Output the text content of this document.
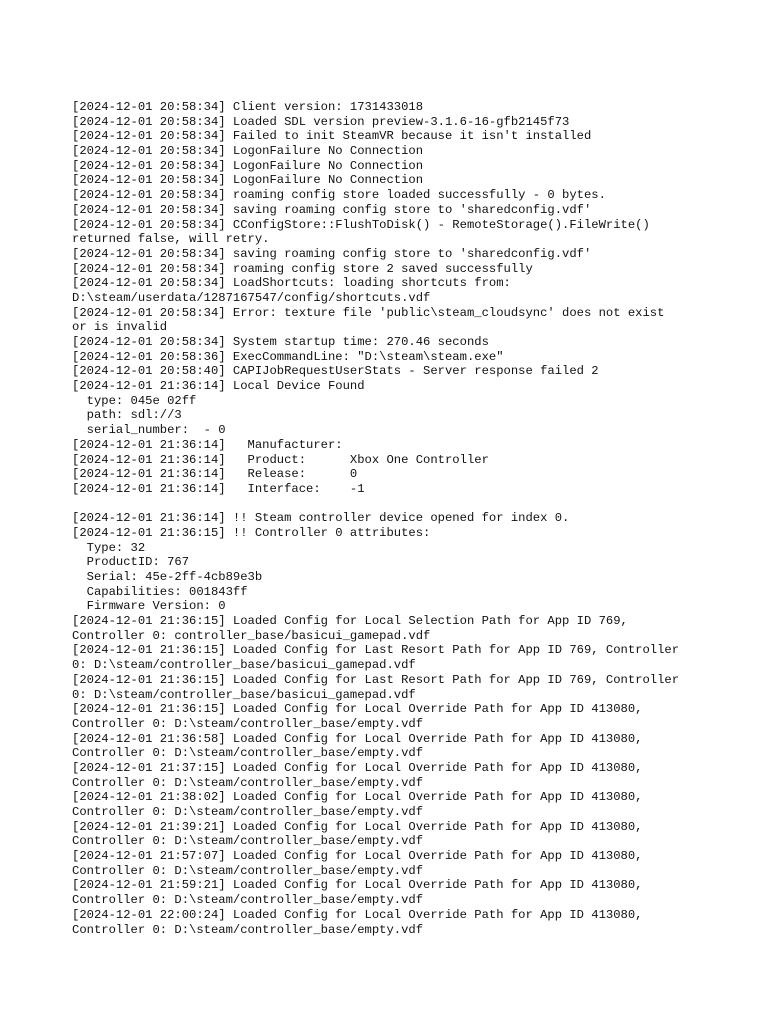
[2024-12-01 20:58:34] Client version: 1731433018
[2024-12-01 20:58:34] Loaded SDL version preview-3.1.6-16-gfb2145f73
[2024-12-01 20:58:34] Failed to init SteamVR because it isn't installed
[2024-12-01 20:58:34] LogonFailure No Connection
[2024-12-01 20:58:34] LogonFailure No Connection
[2024-12-01 20:58:34] LogonFailure No Connection
[2024-12-01 20:58:34] roaming config store loaded successfully - 0 bytes.
[2024-12-01 20:58:34] saving roaming config store to 'sharedconfig.vdf'
[2024-12-01 20:58:34] CConfigStore::FlushToDisk() - RemoteStorage().FileWrite()
returned false, will retry.
[2024-12-01 20:58:34] saving roaming config store to 'sharedconfig.vdf'
[2024-12-01 20:58:34] roaming config store 2 saved successfully
[2024-12-01 20:58:34] LoadShortcuts: loading shortcuts from:
D:\steam/userdata/1287167547/config/shortcuts.vdf
[2024-12-01 20:58:34] Error: texture file 'public\steam_cloudsync' does not exist
or is invalid
[2024-12-01 20:58:34] System startup time: 270.46 seconds
[2024-12-01 20:58:36] ExecCommandLine: "D:\steam\steam.exe"
[2024-12-01 20:58:40] CAPIJobRequestUserStats - Server response failed 2
[2024-12-01 21:36:14] Local Device Found
type: 045e 02ff
path: sdl://3
serial_number:  - 0
[2024-12-01 21:36:14]   Manufacturer:
[2024-12-01 21:36:14]   Product:      Xbox One Controller
[2024-12-01 21:36:14]   Release:      0
[2024-12-01 21:36:14]   Interface:    -1
[2024-12-01 21:36:14] !! Steam controller device opened for index 0.
[2024-12-01 21:36:15] !! Controller 0 attributes:
Type: 32
ProductID: 767
Serial: 45e-2ff-4cb89e3b
Capabilities: 001843ff
Firmware Version: 0
[2024-12-01 21:36:15] Loaded Config for Local Selection Path for App ID 769,
Controller 0: controller_base/basicui_gamepad.vdf
[2024-12-01 21:36:15] Loaded Config for Last Resort Path for App ID 769, Controller
0: D:\steam/controller_base/basicui_gamepad.vdf
[2024-12-01 21:36:15] Loaded Config for Last Resort Path for App ID 769, Controller
0: D:\steam/controller_base/basicui_gamepad.vdf
[2024-12-01 21:36:15] Loaded Config for Local Override Path for App ID 413080,
Controller 0: D:\steam/controller_base/empty.vdf
[2024-12-01 21:36:58] Loaded Config for Local Override Path for App ID 413080,
Controller 0: D:\steam/controller_base/empty.vdf
[2024-12-01 21:37:15] Loaded Config for Local Override Path for App ID 413080,
Controller 0: D:\steam/controller_base/empty.vdf
[2024-12-01 21:38:02] Loaded Config for Local Override Path for App ID 413080,
Controller 0: D:\steam/controller_base/empty.vdf
[2024-12-01 21:39:21] Loaded Config for Local Override Path for App ID 413080,
Controller 0: D:\steam/controller_base/empty.vdf
[2024-12-01 21:57:07] Loaded Config for Local Override Path for App ID 413080,
Controller 0: D:\steam/controller_base/empty.vdf
[2024-12-01 21:59:21] Loaded Config for Local Override Path for App ID 413080,
Controller 0: D:\steam/controller_base/empty.vdf
[2024-12-01 22:00:24] Loaded Config for Local Override Path for App ID 413080,
Controller 0: D:\steam/controller_base/empty.vdf
